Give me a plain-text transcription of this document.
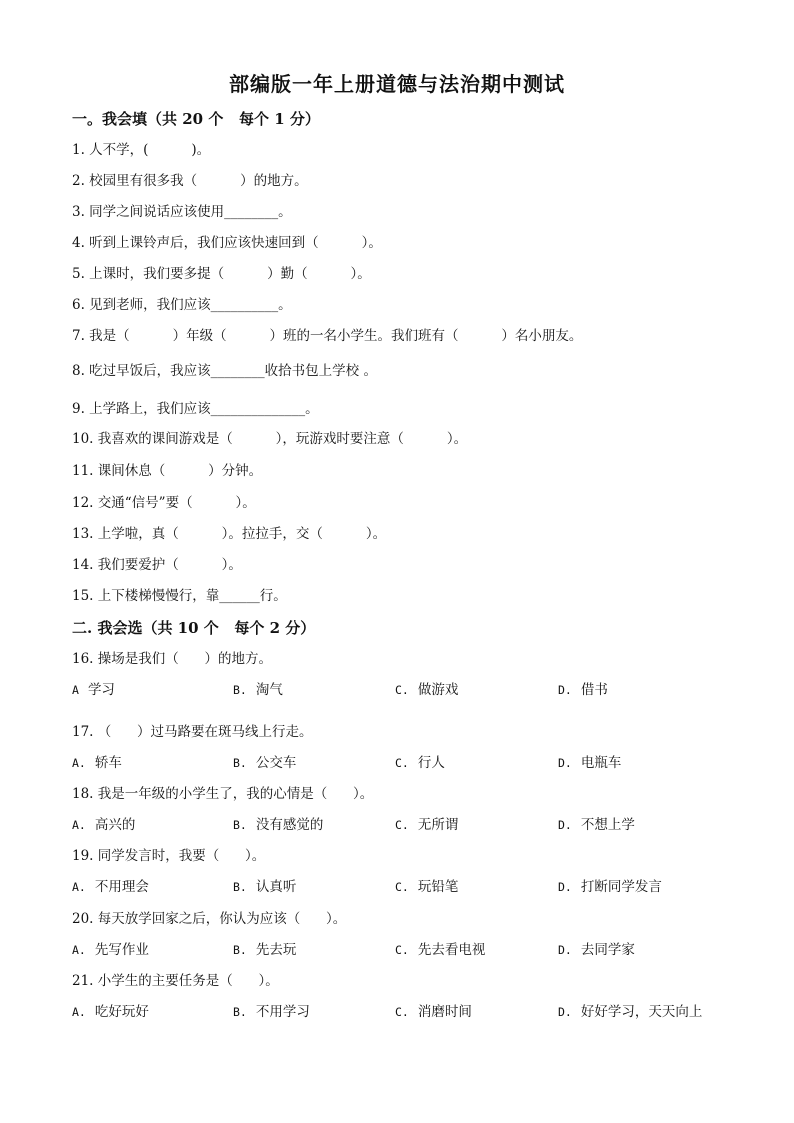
部编版一年上册道德与法治期中测试
一。我会填（共 20 个   每个 1 分）
1. 人不学，(          )。
2. 校园里有很多我（          ）的地方。
3. 同学之间说话应该使用________。
4. 听到上课铃声后，我们应该快速回到（          ）。
5. 上课时，我们要多提（          ）勤（          ）。
6. 见到老师，我们应该__________。
7. 我是（          ）年级（          ）班的一名小学生。我们班有（          ）名小朋友。
8. 吃过早饭后，我应该________收拾书包上学校 。
9. 上学路上，我们应该______________。
10. 我喜欢的课间游戏是（          ），玩游戏时要注意（          ）。
11. 课间休息（          ）分钟。
12. 交通“信号”要（          ）。
13. 上学啦，真（          ）。拉拉手，交（          ）。
14. 我们要爱护（          ）。
15. 上下楼梯慢慢行，靠______行。
二. 我会选（共 10 个   每个 2 分）
16. 操场是我们（      ）的地方。
A 学习	B. 淘气	C. 做游戏	D. 借书
17. （      ）过马路要在斑马线上行走。
A. 轿车	B. 公交车	C. 行人	D. 电瓶车
18. 我是一年级的小学生了，我的心情是（      ）。
A. 高兴的	B. 没有感觉的	C. 无所谓	D. 不想上学
19. 同学发言时，我要（      ）。
A. 不用理会	B. 认真听	C. 玩铅笔	D. 打断同学发言
20. 每天放学回家之后，你认为应该（      ）。
A. 先写作业	B. 先去玩	C. 先去看电视	D. 去同学家
21. 小学生的主要任务是（      ）。
A. 吃好玩好	B. 不用学习	C. 消磨时间	D. 好好学习，天天向上
